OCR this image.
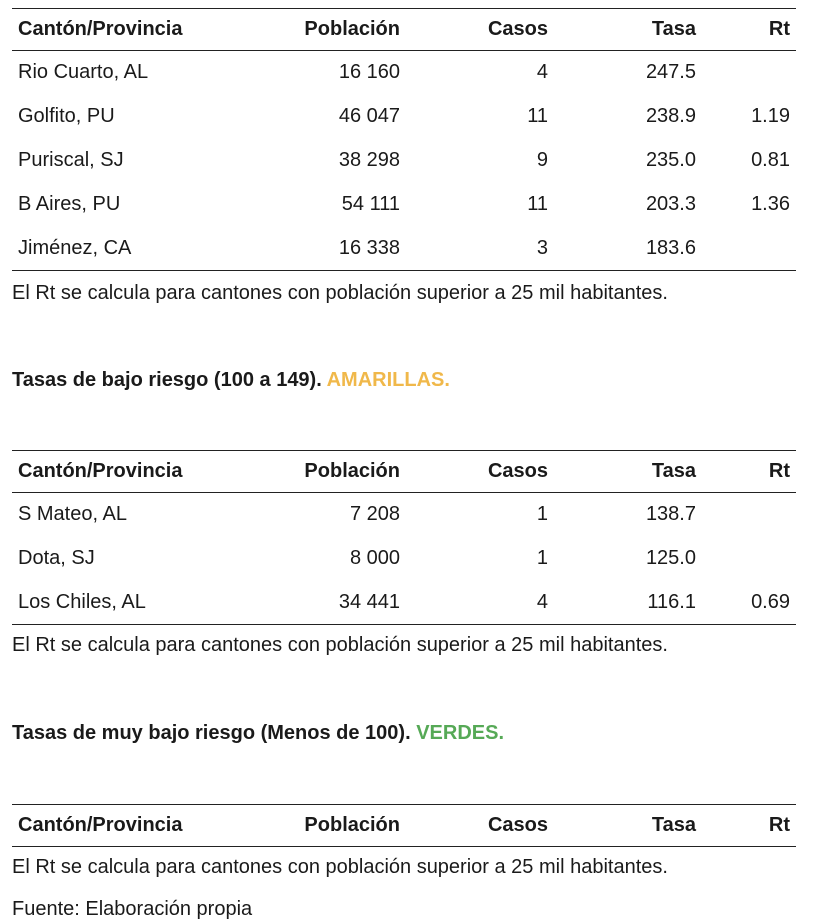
Cantón/Provincia	Población	Casos	Tasa	Rt
Rio Cuarto, AL	16 160	4	247.5	
Golfito, PU	46 047	11	238.9	1.19
Puriscal, SJ	38 298	9	235.0	0.81
B Aires, PU	54 111	11	203.3	1.36
Jiménez, CA	16 338	3	183.6	

El Rt se calcula para cantones con población superior a 25 mil habitantes.

Tasas de bajo riesgo (100 a 149). AMARILLAS.

Cantón/Provincia	Población	Casos	Tasa	Rt
S Mateo, AL	7 208	1	138.7	
Dota, SJ	8 000	1	125.0	
Los Chiles, AL	34 441	4	116.1	0.69

El Rt se calcula para cantones con población superior a 25 mil habitantes.

Tasas de muy bajo riesgo (Menos de 100). VERDES.

Cantón/Provincia	Población	Casos	Tasa	Rt

El Rt se calcula para cantones con población superior a 25 mil habitantes.

Fuente: Elaboración propia
